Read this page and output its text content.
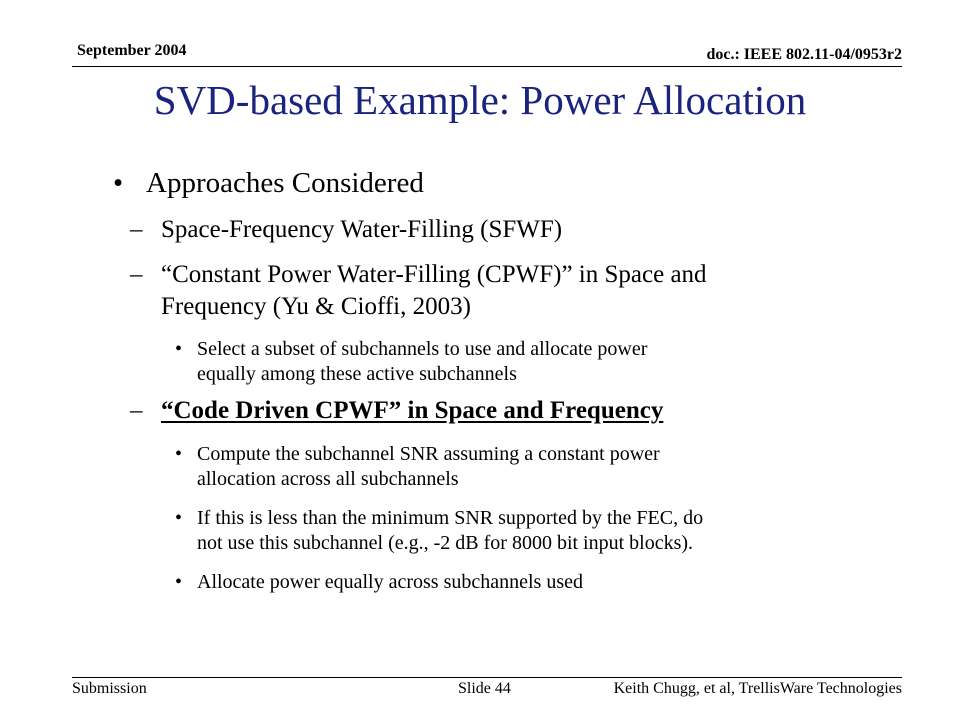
September 2004	doc.: IEEE 802.11-04/0953r2
SVD-based Example: Power Allocation
• Approaches Considered
– Space-Frequency Water-Filling (SFWF)
– “Constant Power Water-Filling (CPWF)” in Space and
Frequency (Yu & Cioffi, 2003)
• Select a subset of subchannels to use and allocate power
equally among these active subchannels
– “Code Driven CPWF” in Space and Frequency
• Compute the subchannel SNR assuming a constant power
allocation across all subchannels
• If this is less than the minimum SNR supported by the FEC, do
not use this subchannel (e.g., -2 dB for 8000 bit input blocks).
• Allocate power equally across subchannels used
Submission	Slide 44	Keith Chugg, et al, TrellisWare Technologies
